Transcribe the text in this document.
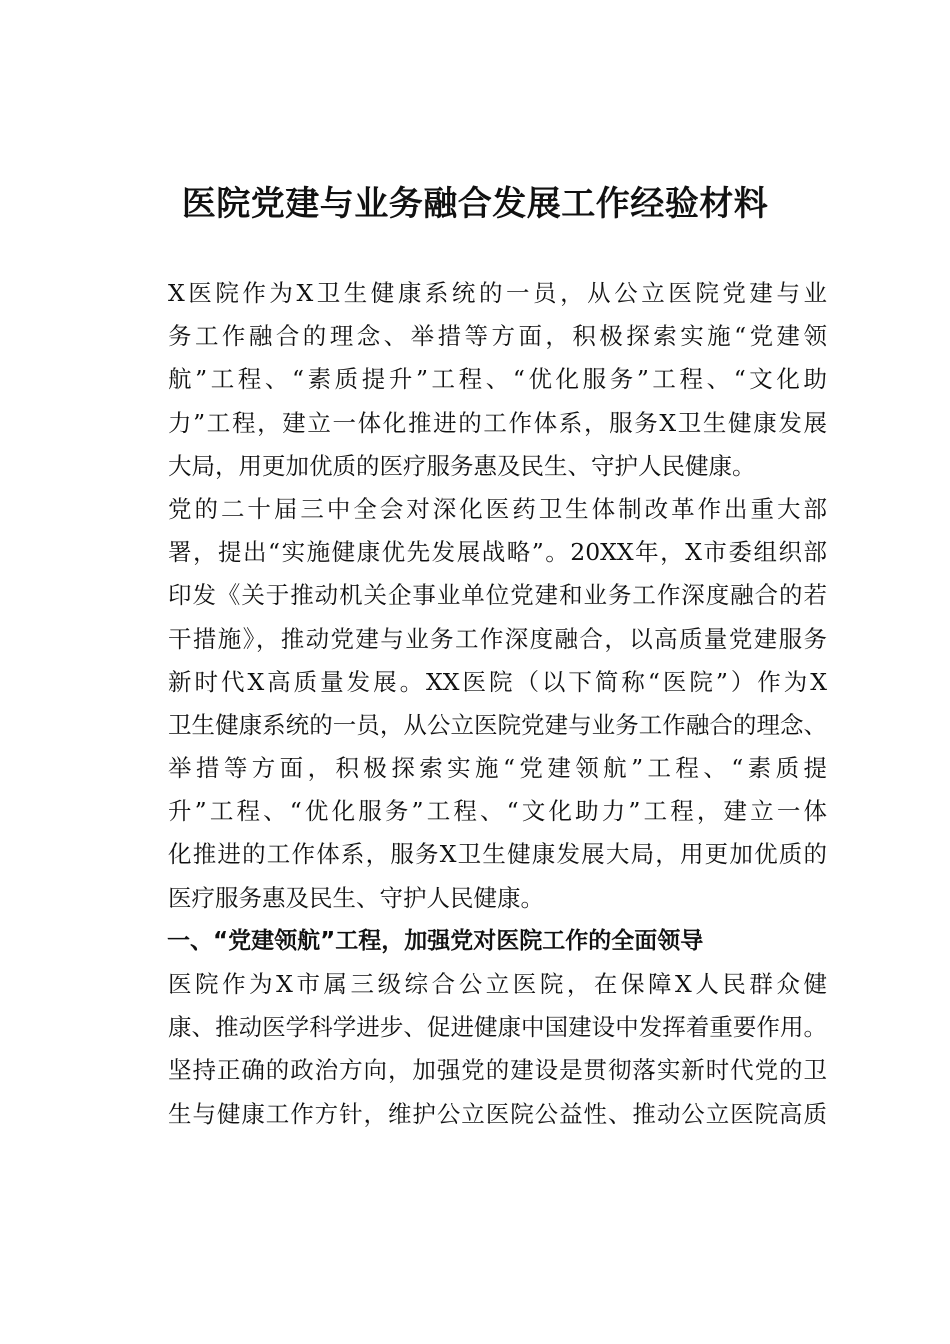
医院党建与业务融合发展工作经验材料

X医院作为X卫生健康系统的一员，从公立医院党建与业
务工作融合的理念、举措等方面，积极探索实施“党建领
航”工程、“素质提升”工程、“优化服务”工程、“文化助
力”工程，建立一体化推进的工作体系，服务X卫生健康发展
大局，用更加优质的医疗服务惠及民生、守护人民健康。

党的二十届三中全会对深化医药卫生体制改革作出重大部
署，提出“实施健康优先发展战略”。20XX年，X市委组织部
印发《关于推动机关企事业单位党建和业务工作深度融合的若
干措施》，推动党建与业务工作深度融合，以高质量党建服务
新时代X高质量发展。XX医院（以下简称“医院”）作为X
卫生健康系统的一员，从公立医院党建与业务工作融合的理念、
举措等方面，积极探索实施“党建领航”工程、“素质提
升”工程、“优化服务”工程、“文化助力”工程，建立一体
化推进的工作体系，服务X卫生健康发展大局，用更加优质的
医疗服务惠及民生、守护人民健康。

一、“党建领航”工程，加强党对医院工作的全面领导

医院作为X市属三级综合公立医院，在保障X人民群众健
康、推动医学科学进步、促进健康中国建设中发挥着重要作用。
坚持正确的政治方向，加强党的建设是贯彻落实新时代党的卫
生与健康工作方针，维护公立医院公益性、推动公立医院高质
